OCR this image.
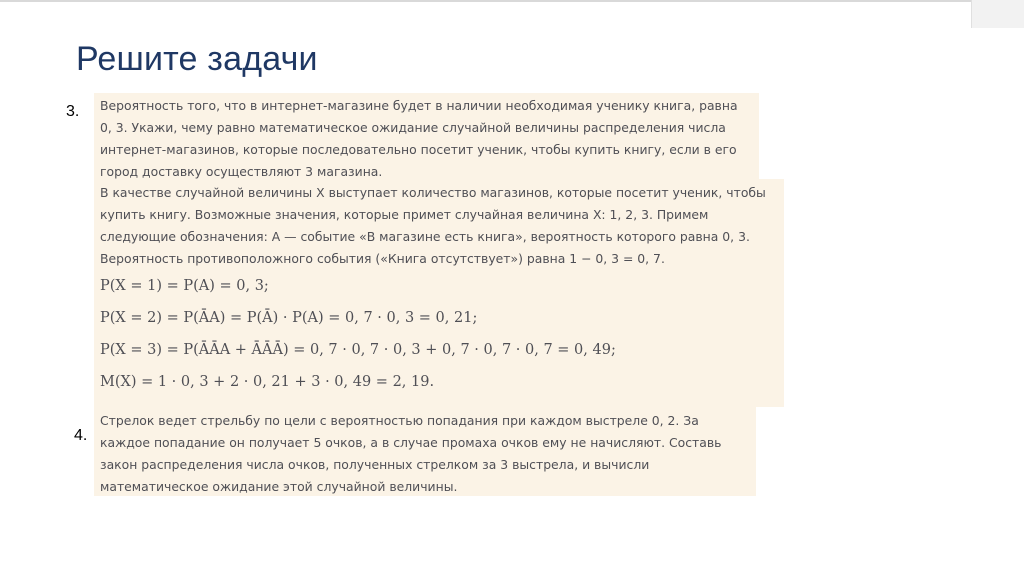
Решите задачи
3. Вероятность того, что в интернет-магазине будет в наличии необходимая ученику книга, равна
0, 3. Укажи, чему равно математическое ожидание случайной величины распределения числа
интернет-магазинов, которые последовательно посетит ученик, чтобы купить книгу, если в его
город доставку осуществляют 3 магазина.
В качестве случайной величины X выступает количество магазинов, которые посетит ученик, чтобы
купить книгу. Возможные значения, которые примет случайная величина X: 1, 2, 3. Примем
следующие обозначения: A — событие «В магазине есть книга», вероятность которого равна 0, 3.
Вероятность противоположного события («Книга отсутствует») равна 1 − 0, 3 = 0, 7.
P(X = 1) = P(A) = 0, 3;
P(X = 2) = P(ĀA) = P(Ā) · P(A) = 0, 7 · 0, 3 = 0, 21;
P(X = 3) = P(ĀĀA + ĀĀĀ) = 0, 7 · 0, 7 · 0, 3 + 0, 7 · 0, 7 · 0, 7 = 0, 49;
M(X) = 1 · 0, 3 + 2 · 0, 21 + 3 · 0, 49 = 2, 19.
4.
Стрелок ведет стрельбу по цели с вероятностью попадания при каждом выстреле 0, 2. За
каждое попадание он получает 5 очков, а в случае промаха очков ему не начисляют. Составь
закон распределения числа очков, полученных стрелком за 3 выстрела, и вычисли
математическое ожидание этой случайной величины.
